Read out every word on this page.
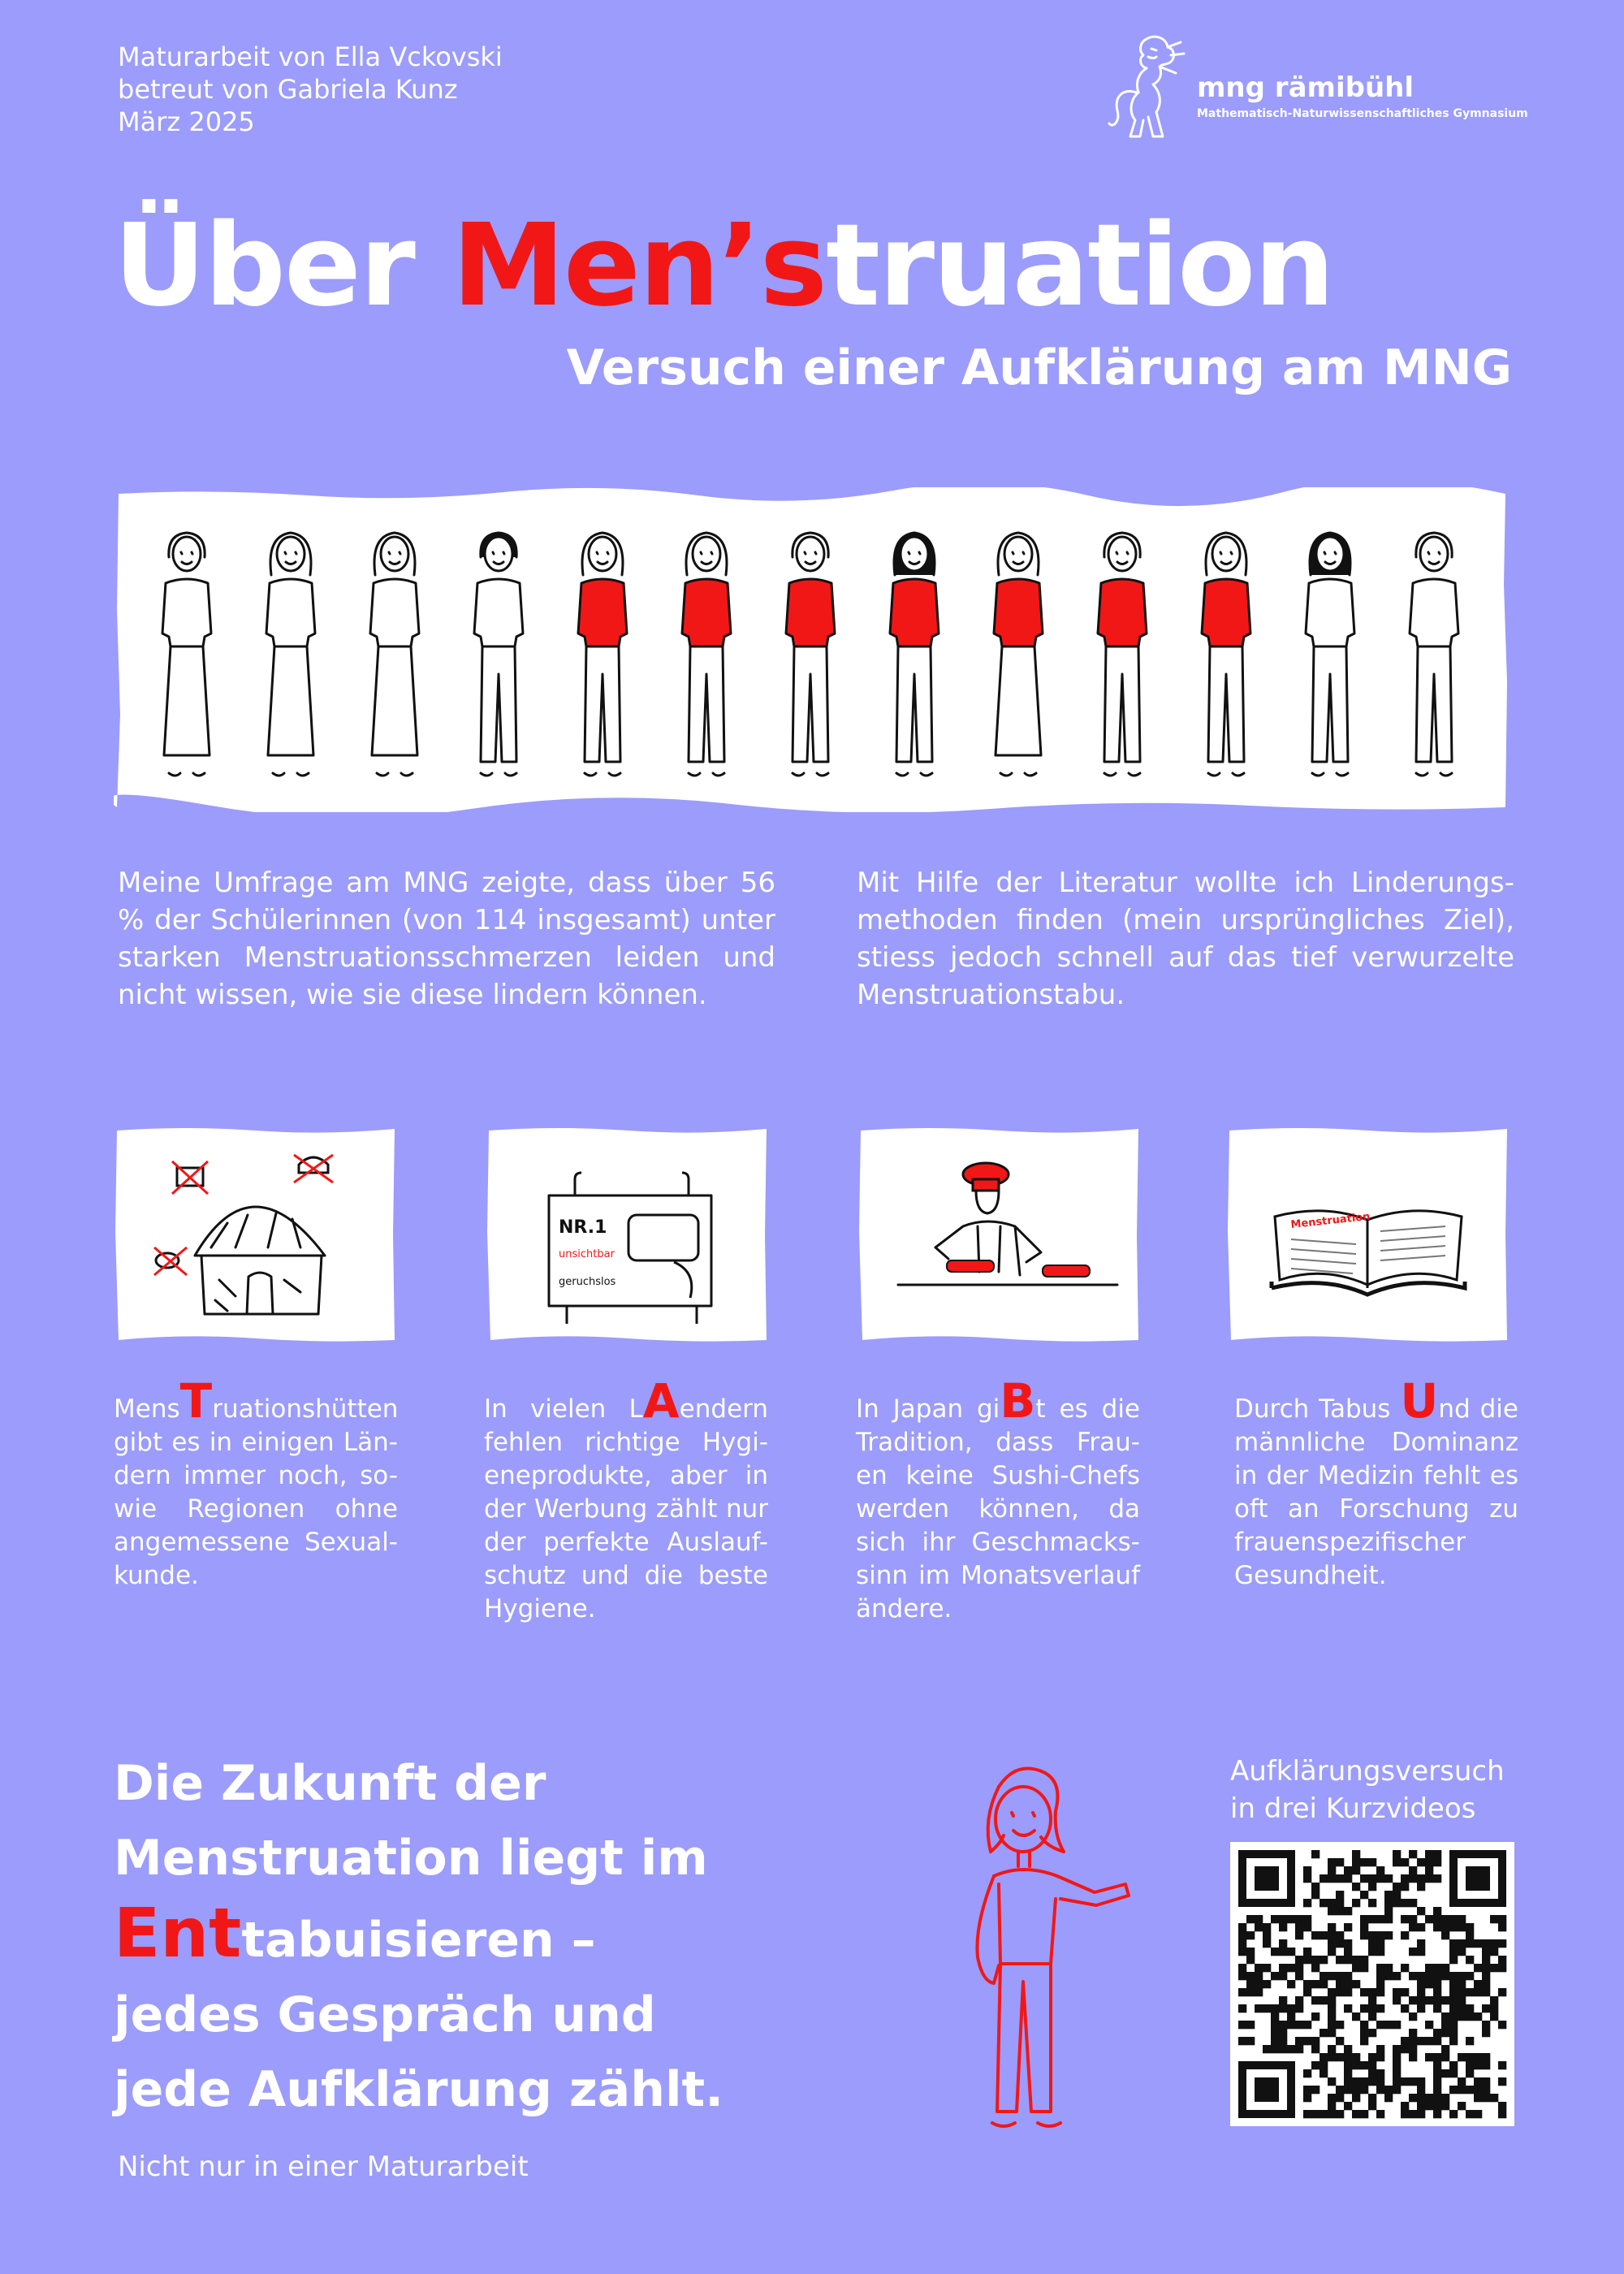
Maturarbeit von Ella Vckovski
betreut von Gabriela Kunz
März 2025
mng rämibühl
Mathematisch-Naturwissenschaftliches Gymnasium
Über Men’struation
Versuch einer Aufklärung am MNG
Meine Umfrage am MNG zeigte, dass über 56 % der Schülerinnen (von 114 insgesamt) unter starken Menstruationsschmerzen leiden und nicht wissen, wie sie diese lindern können.
Mit Hilfe der Literatur wollte ich Linderungs-methoden finden (mein ursprüngliches Ziel), stiess jedoch schnell auf das tief verwurzelte Menstruationstabu.
NR.1
unsichtbar
geruchslos
Menstruation
MensTruationshütten gibt es in einigen Län-dern immer noch, so-wie Regionen ohne angemessene Sexual-kunde.
In vielen LAendern fehlen richtige Hygi-eneprodukte, aber in der Werbung zählt nur der perfekte Auslauf-schutz und die beste Hygiene.
In Japan giBt es die Tradition, dass Frau-en keine Sushi-Chefs werden können, da sich ihr Geschmacks-sinn im Monatsverlauf ändere.
Durch Tabus Und die männliche Dominanz in der Medizin fehlt es oft an Forschung zu frauenspezifischer Gesundheit.
Die Zukunft der
Menstruation liegt im
Enttabuisieren –
jedes Gespräch und
jede Aufklärung zählt.
Nicht nur in einer Maturarbeit
Aufklärungsversuch
in drei Kurzvideos
